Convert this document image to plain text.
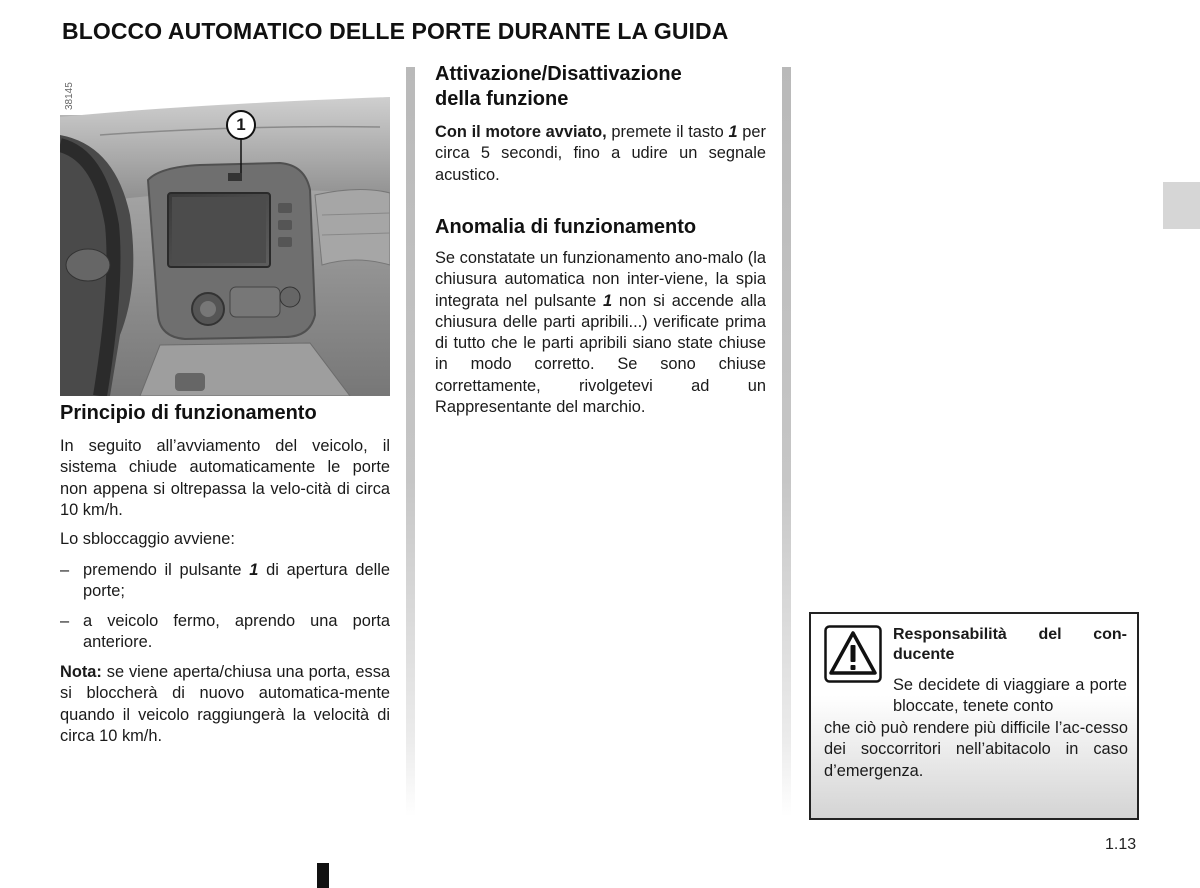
BLOCCO AUTOMATICO DELLE PORTE DURANTE LA GUIDA
38145
1
Principio di funzionamento

In seguito all’avviamento del veicolo, il sistema chiude automaticamente le porte non appena si oltrepassa la velo-cità di circa 10 km/h.

Lo sbloccaggio avviene:

– premendo il pulsante 1 di apertura delle porte;
– a veicolo fermo, aprendo una porta anteriore.

Nota: se viene aperta/chiusa una porta, essa si bloccherà di nuovo automatica-mente quando il veicolo raggiungerà la velocità di circa 10 km/h.

Attivazione/Disattivazione
della funzione

Con il motore avviato, premete il tasto 1 per circa 5 secondi, fino a udire un segnale acustico.

Anomalia di funzionamento

Se constatate un funzionamento ano-malo (la chiusura automatica non inter-viene, la spia integrata nel pulsante 1 non si accende alla chiusura delle parti apribili...) verificate prima di tutto che le parti apribili siano state chiuse in modo corretto. Se sono chiuse correttamente, rivolgetevi ad un Rappresentante del marchio.

Responsabilità del con-ducente
Se decidete di viaggiare a porte bloccate, tenete conto
che ciò può rendere più difficile l’ac-cesso dei soccorritori nell’abitacolo in caso d’emergenza.
1.13
